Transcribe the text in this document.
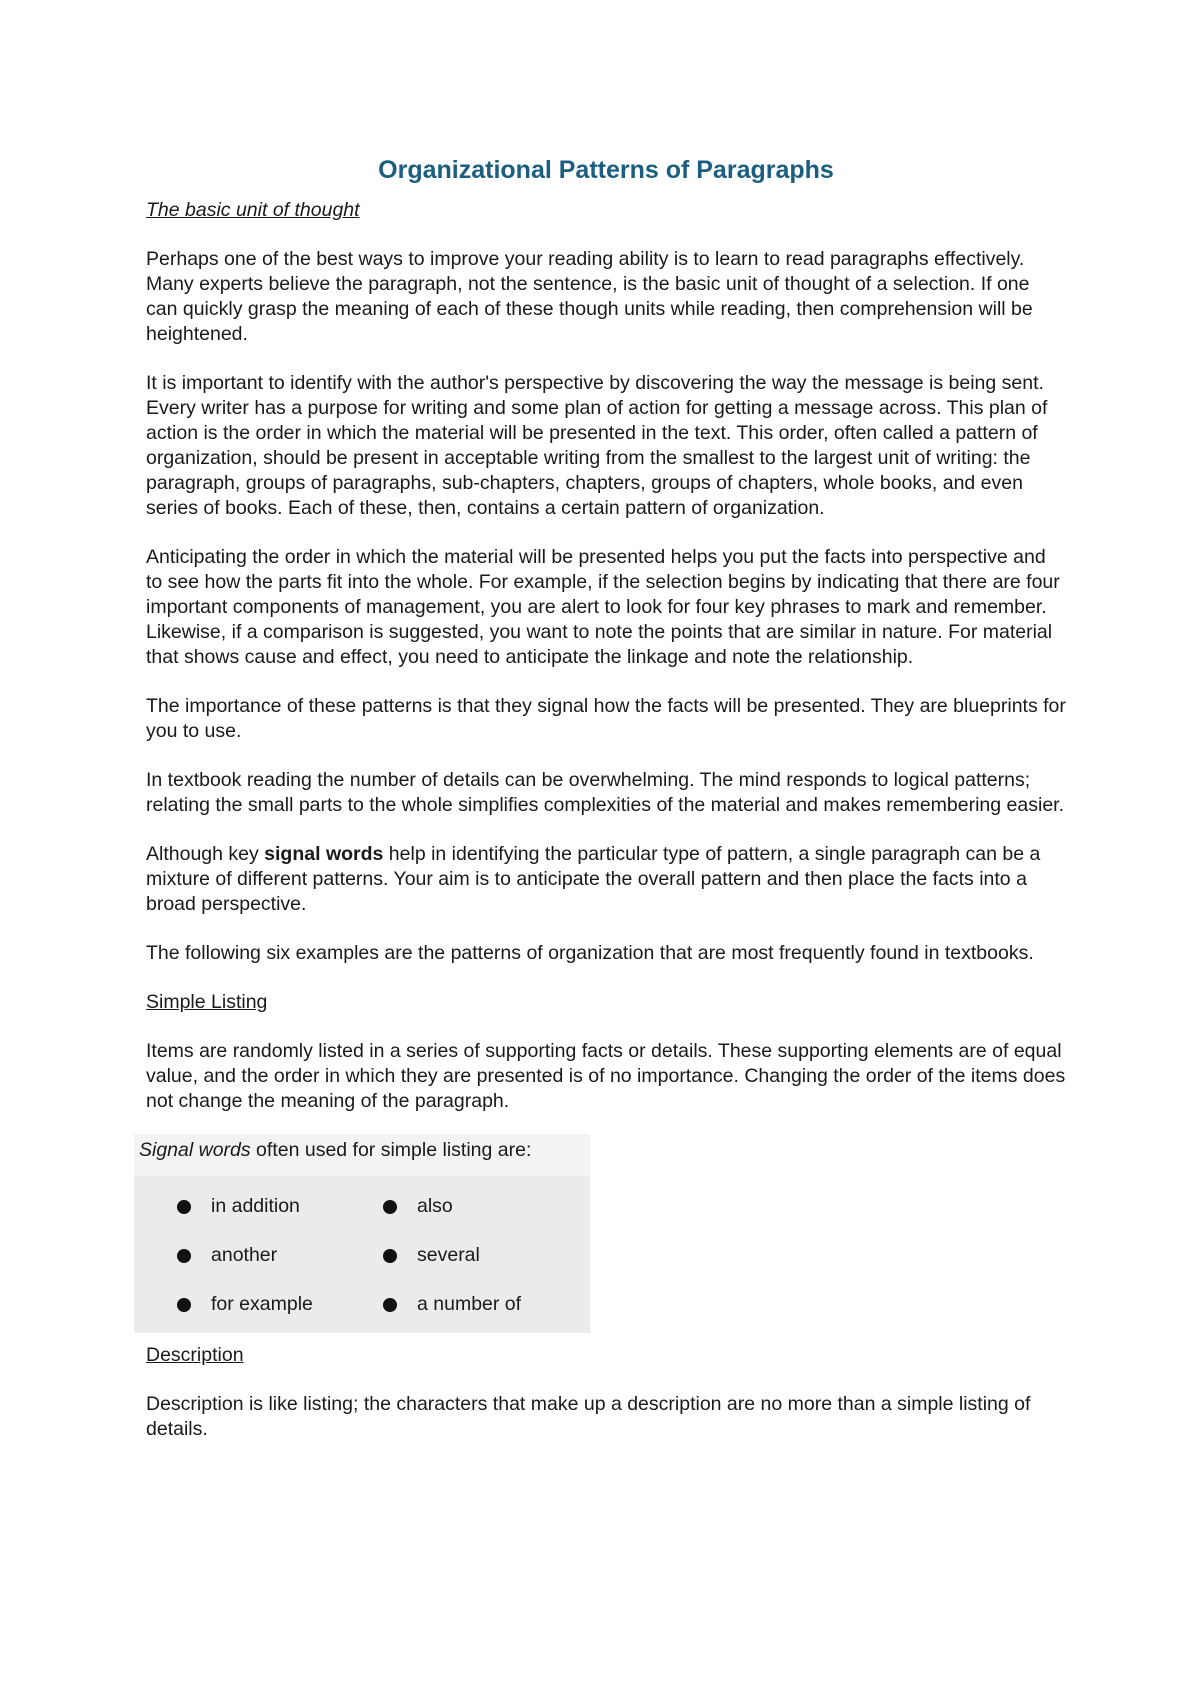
Organizational Patterns of Paragraphs
The basic unit of thought

Perhaps one of the best ways to improve your reading ability is to learn to read paragraphs effectively. Many experts believe the paragraph, not the sentence, is the basic unit of thought of a selection. If one can quickly grasp the meaning of each of these though units while reading, then comprehension will be heightened.

It is important to identify with the author's perspective by discovering the way the message is being sent. Every writer has a purpose for writing and some plan of action for getting a message across. This plan of action is the order in which the material will be presented in the text. This order, often called a pattern of organization, should be present in acceptable writing from the smallest to the largest unit of writing: the paragraph, groups of paragraphs, sub-chapters, chapters, groups of chapters, whole books, and even series of books. Each of these, then, contains a certain pattern of organization.

Anticipating the order in which the material will be presented helps you put the facts into perspective and to see how the parts fit into the whole. For example, if the selection begins by indicating that there are four important components of management, you are alert to look for four key phrases to mark and remember. Likewise, if a comparison is suggested, you want to note the points that are similar in nature. For material that shows cause and effect, you need to anticipate the linkage and note the relationship.

The importance of these patterns is that they signal how the facts will be presented. They are blueprints for you to use.

In textbook reading the number of details can be overwhelming. The mind responds to logical patterns; relating the small parts to the whole simplifies complexities of the material and makes remembering easier.

Although key signal words help in identifying the particular type of pattern, a single paragraph can be a mixture of different patterns. Your aim is to anticipate the overall pattern and then place the facts into a broad perspective.

The following six examples are the patterns of organization that are most frequently found in textbooks.

Simple Listing

Items are randomly listed in a series of supporting facts or details. These supporting elements are of equal value, and the order in which they are presented is of no importance. Changing the order of the items does not change the meaning of the paragraph.

Signal words often used for simple listing are:
in addition	also
another	several
for example	a number of
Description

Description is like listing; the characters that make up a description are no more than a simple listing of details.
